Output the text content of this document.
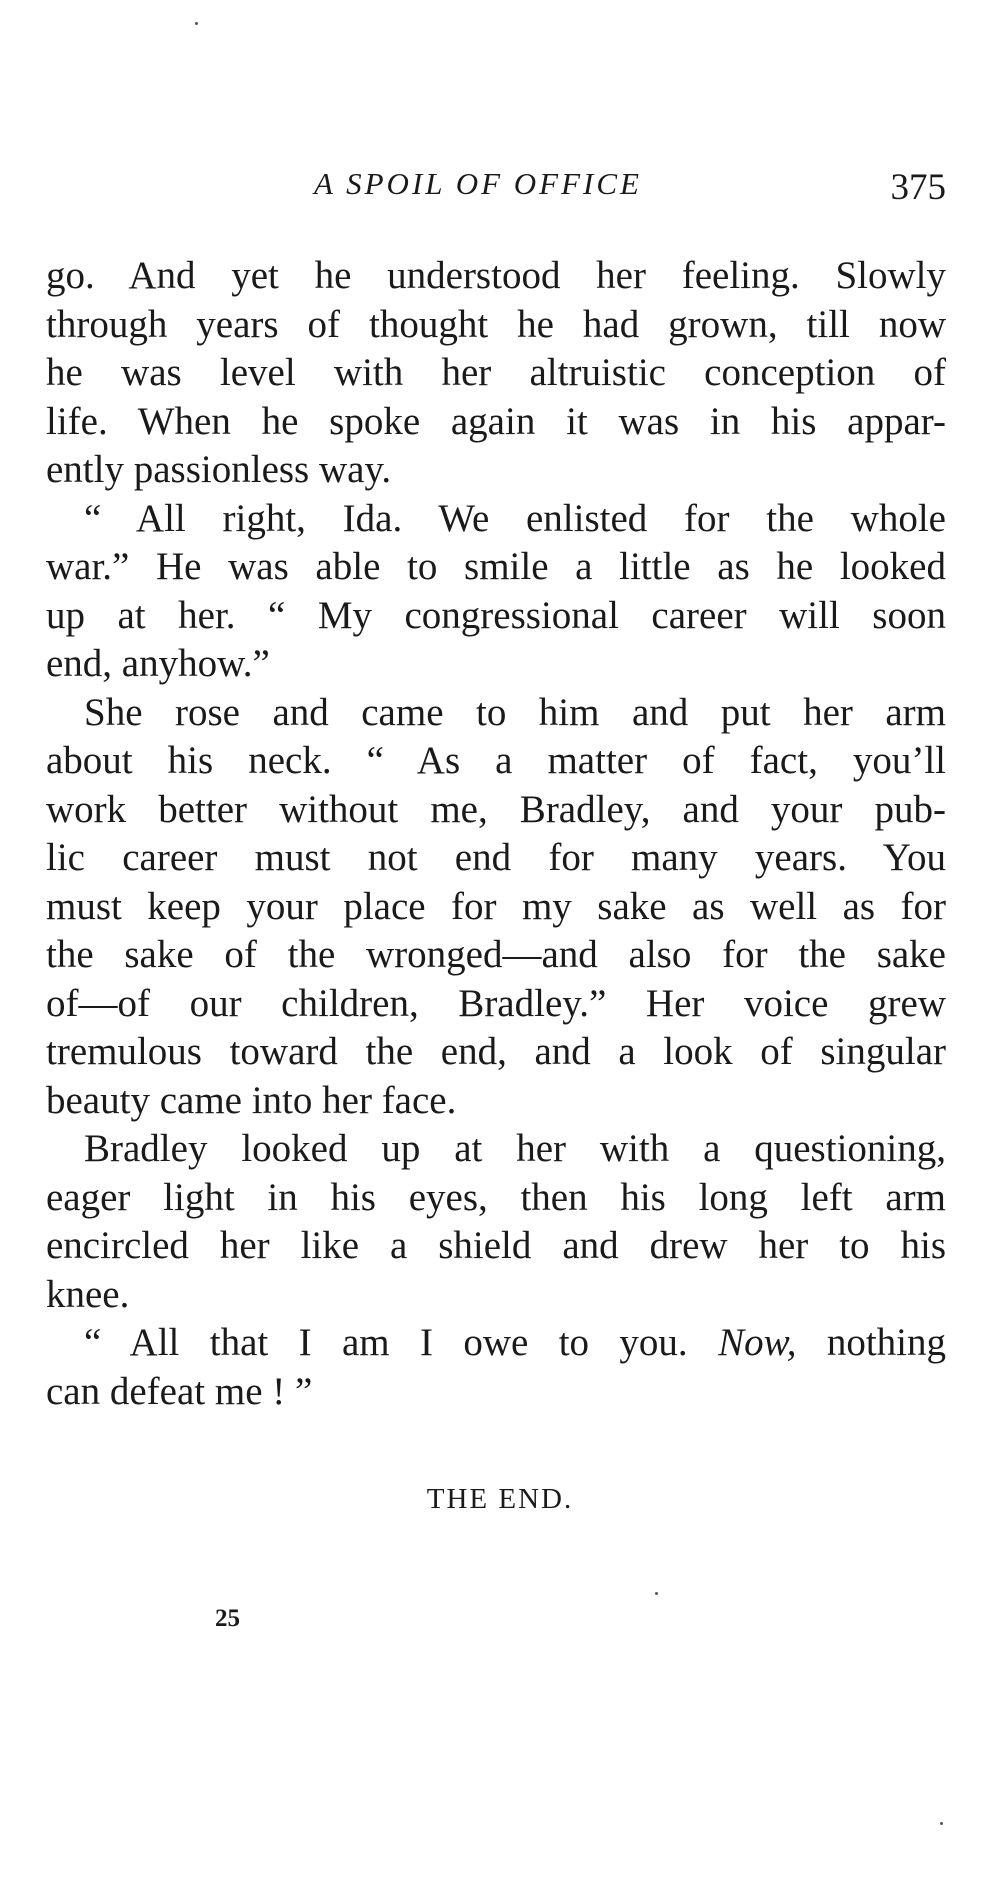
A SPOIL OF OFFICE	375

go. And yet he understood her feeling. Slowly
through years of thought he had grown, till now
he was level with her altruistic conception of
life. When he spoke again it was in his appar-
ently passionless way.

“ All right, Ida. We enlisted for the whole
war.” He was able to smile a little as he looked
up at her. “ My congressional career will soon
end, anyhow.”

She rose and came to him and put her arm
about his neck. “ As a matter of fact, you’ll
work better without me, Bradley, and your pub-
lic career must not end for many years. You
must keep your place for my sake as well as for
the sake of the wronged—and also for the sake
of—of our children, Bradley.” Her voice grew
tremulous toward the end, and a look of singular
beauty came into her face.

Bradley looked up at her with a questioning,
eager light in his eyes, then his long left arm
encircled her like a shield and drew her to his
knee.

“ All that I am I owe to you. Now, nothing
can defeat me ! ”

THE END.
25
